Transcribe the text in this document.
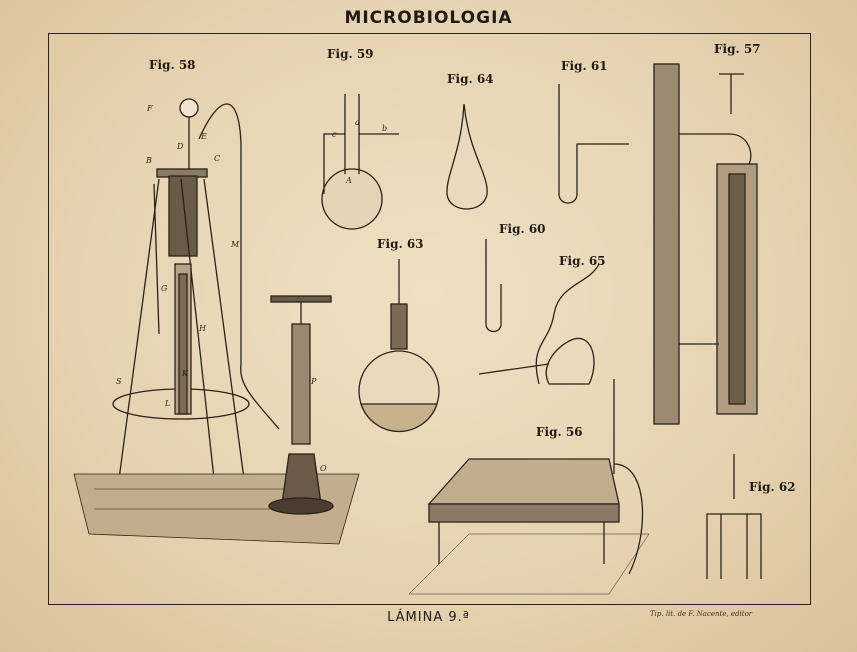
MICROBIOLOGIA
Fig. 58
Fig. 59
Fig. 64
Fig. 61
Fig. 57
Fig. 63
Fig. 60
Fig. 65
Fig. 56
Fig. 62
F
B	C
D
E
G
H
K
L
M
S	P
O
A
a
b
c
LÁMINA 9.ª	Tip. lit. de F. Nacente, editor
